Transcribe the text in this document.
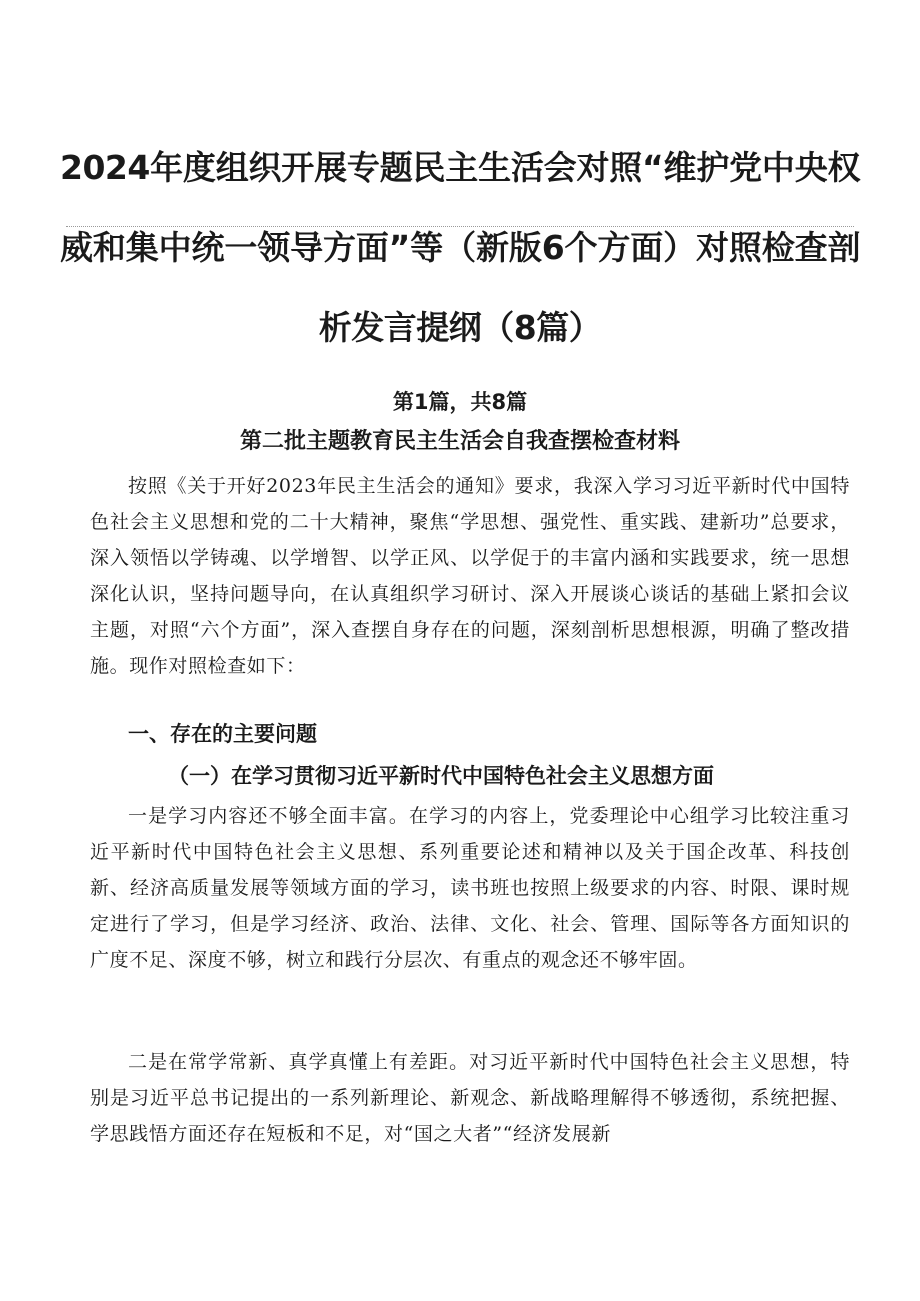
2024年度组织开展专题民主生活会对照“维护党中央权威和集中统一领导方面”等（新版6个方面）对照检查剖析发言提纲（8篇）
第1篇，共8篇
第二批主题教育民主生活会自我查摆检查材料

按照《关于开好2023年民主生活会的通知》要求，我深入学习习近平新时代中国特色社会主义思想和党的二十大精神，聚焦“学思想、强党性、重实践、建新功”总要求，深入领悟以学铸魂、以学增智、以学正风、以学促于的丰富内涵和实践要求，统一思想深化认识，坚持问题导向，在认真组织学习研讨、深入开展谈心谈话的基础上紧扣会议主题，对照“六个方面”，深入查摆自身存在的问题，深刻剖析思想根源，明确了整改措施。现作对照检查如下：

一、存在的主要问题
（一）在学习贯彻习近平新时代中国特色社会主义思想方面

一是学习内容还不够全面丰富。在学习的内容上，党委理论中心组学习比较注重习近平新时代中国特色社会主义思想、系列重要论述和精神以及关于国企改革、科技创新、经济高质量发展等领域方面的学习，读书班也按照上级要求的内容、时限、课时规定进行了学习，但是学习经济、政治、法律、文化、社会、管理、国际等各方面知识的广度不足、深度不够，树立和践行分层次、有重点的观念还不够牢固。

二是在常学常新、真学真懂上有差距。对习近平新时代中国特色社会主义思想，特别是习近平总书记提出的一系列新理论、新观念、新战略理解得不够透彻，系统把握、学思践悟方面还存在短板和不足，对“国之大者”“经济发展新
